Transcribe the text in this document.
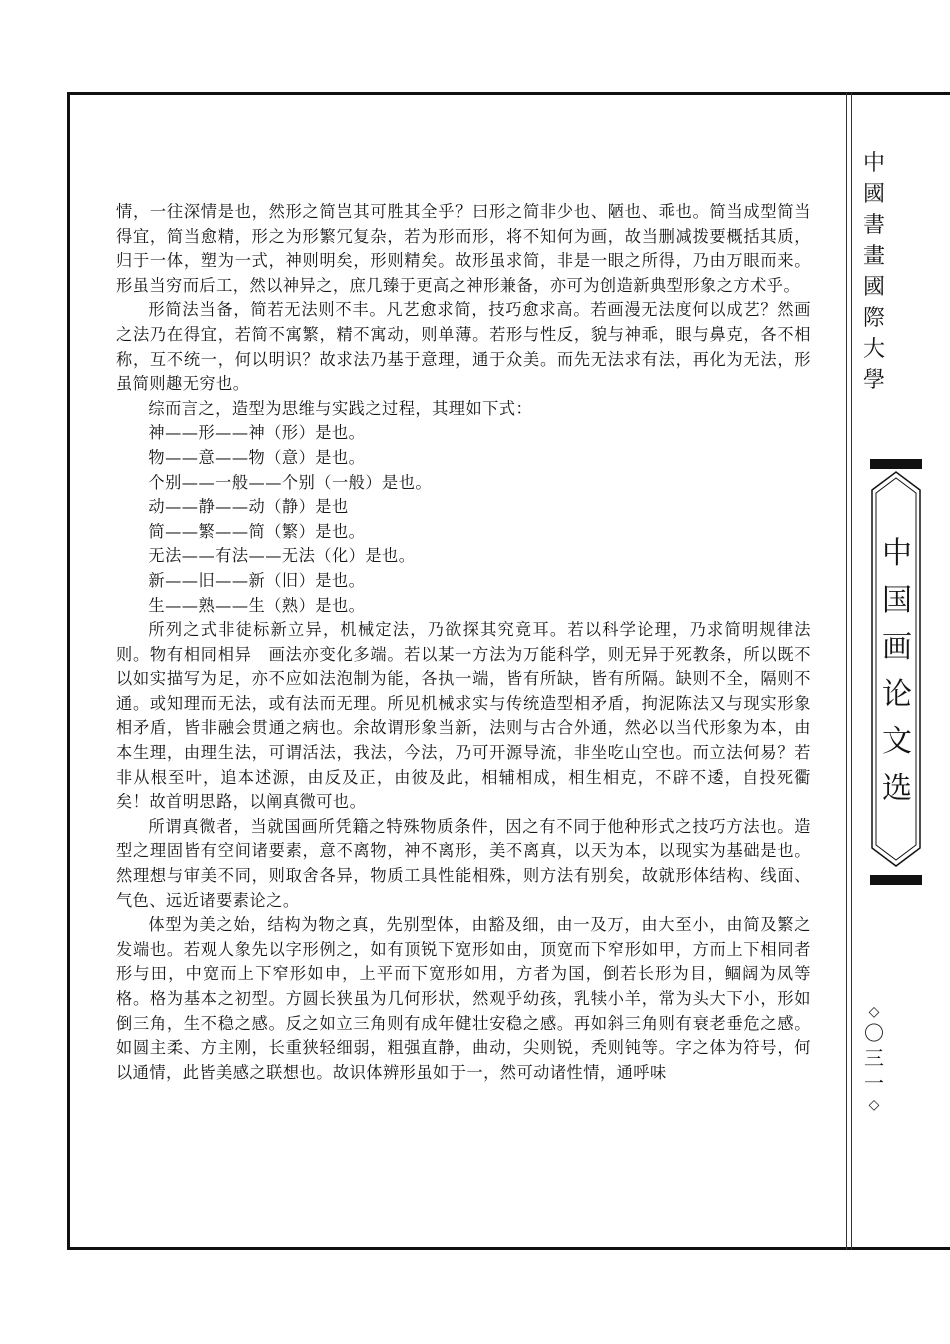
情，一往深情是也，然形之简岂其可胜其全乎？曰形之简非少也、陋也、乖也。简当成型简当得宜，简当愈精，形之为形繁冗复杂，若为形而形，将不知何为画，故当删减拨要概括其质，归于一体，塑为一式，神则明矣，形则精矣。故形虽求简，非是一眼之所得，乃由万眼而来。形虽当穷而后工，然以神异之，庶几臻于更高之神形兼备，亦可为创造新典型形象之方术乎。

形简法当备，简若无法则不丰。凡艺愈求简，技巧愈求高。若画漫无法度何以成艺？然画之法乃在得宜，若简不寓繁，精不寓动，则单薄。若形与性反，貌与神乖，眼与鼻克，各不相称，互不统一，何以明识？故求法乃基于意理，通于众美。而先无法求有法，再化为无法，形虽简则趣无穷也。

综而言之，造型为思维与实践之过程，其理如下式：

神——形——神（形）是也。

物——意——物（意）是也。

个别——一般——个别（一般）是也。

动——静——动（静）是也

简——繁——简（繁）是也。

无法——有法——无法（化）是也。

新——旧——新（旧）是也。

生——熟——生（熟）是也。

所列之式非徒标新立异，机械定法，乃欲探其究竟耳。若以科学论理，乃求简明规律法则。物有相同相异　画法亦变化多端。若以某一方法为万能科学，则无异于死教条，所以既不以如实描写为足，亦不应如法泡制为能，各执一端，皆有所缺，皆有所隔。缺则不全，隔则不通。或知理而无法，或有法而无理。所见机械求实与传统造型相矛盾，拘泥陈法又与现实形象相矛盾，皆非融会贯通之病也。余故谓形象当新，法则与古合外通，然必以当代形象为本，由本生理，由理生法，可谓活法，我法，今法，乃可开源导流，非坐吃山空也。而立法何易？若非从根至叶，追本述源，由反及正，由彼及此，相辅相成，相生相克，不辟不逶，自投死衢矣！故首明思路，以阐真微可也。

所谓真微者，当就国画所凭籍之特殊物质条件，因之有不同于他种形式之技巧方法也。造型之理固皆有空间诸要素，意不离物，神不离形，美不离真，以天为本，以现实为基础是也。然理想与审美不同，则取舍各异，物质工具性能相殊，则方法有别矣，故就形体结构、线面、气色、远近诸要素论之。

体型为美之始，结构为物之真，先别型体，由豁及细，由一及万，由大至小，由简及繁之发端也。若观人象先以字形例之，如有顶锐下宽形如由，顶宽而下窄形如甲，方而上下相同者形与田，中宽而上下窄形如申，上平而下宽形如用，方者为国，倒若长形为目，鲴阔为凤等格。格为基本之初型。方圆长狭虽为几何形状，然观乎幼孩，乳犊小羊，常为头大下小，形如倒三角，生不稳之感。反之如立三角则有成年健壮安稳之感。再如斜三角则有衰老垂危之感。如圆主柔、方主刚，长重狭轻细弱，粗强直静，曲动，尖则锐，秃则钝等。字之体为符号，何以通情，此皆美感之联想也。故识体辨形虽如于一，然可动诸性情，通呼味

中國書畫國際大學
中国画论文选
◇
〇三一
◇
